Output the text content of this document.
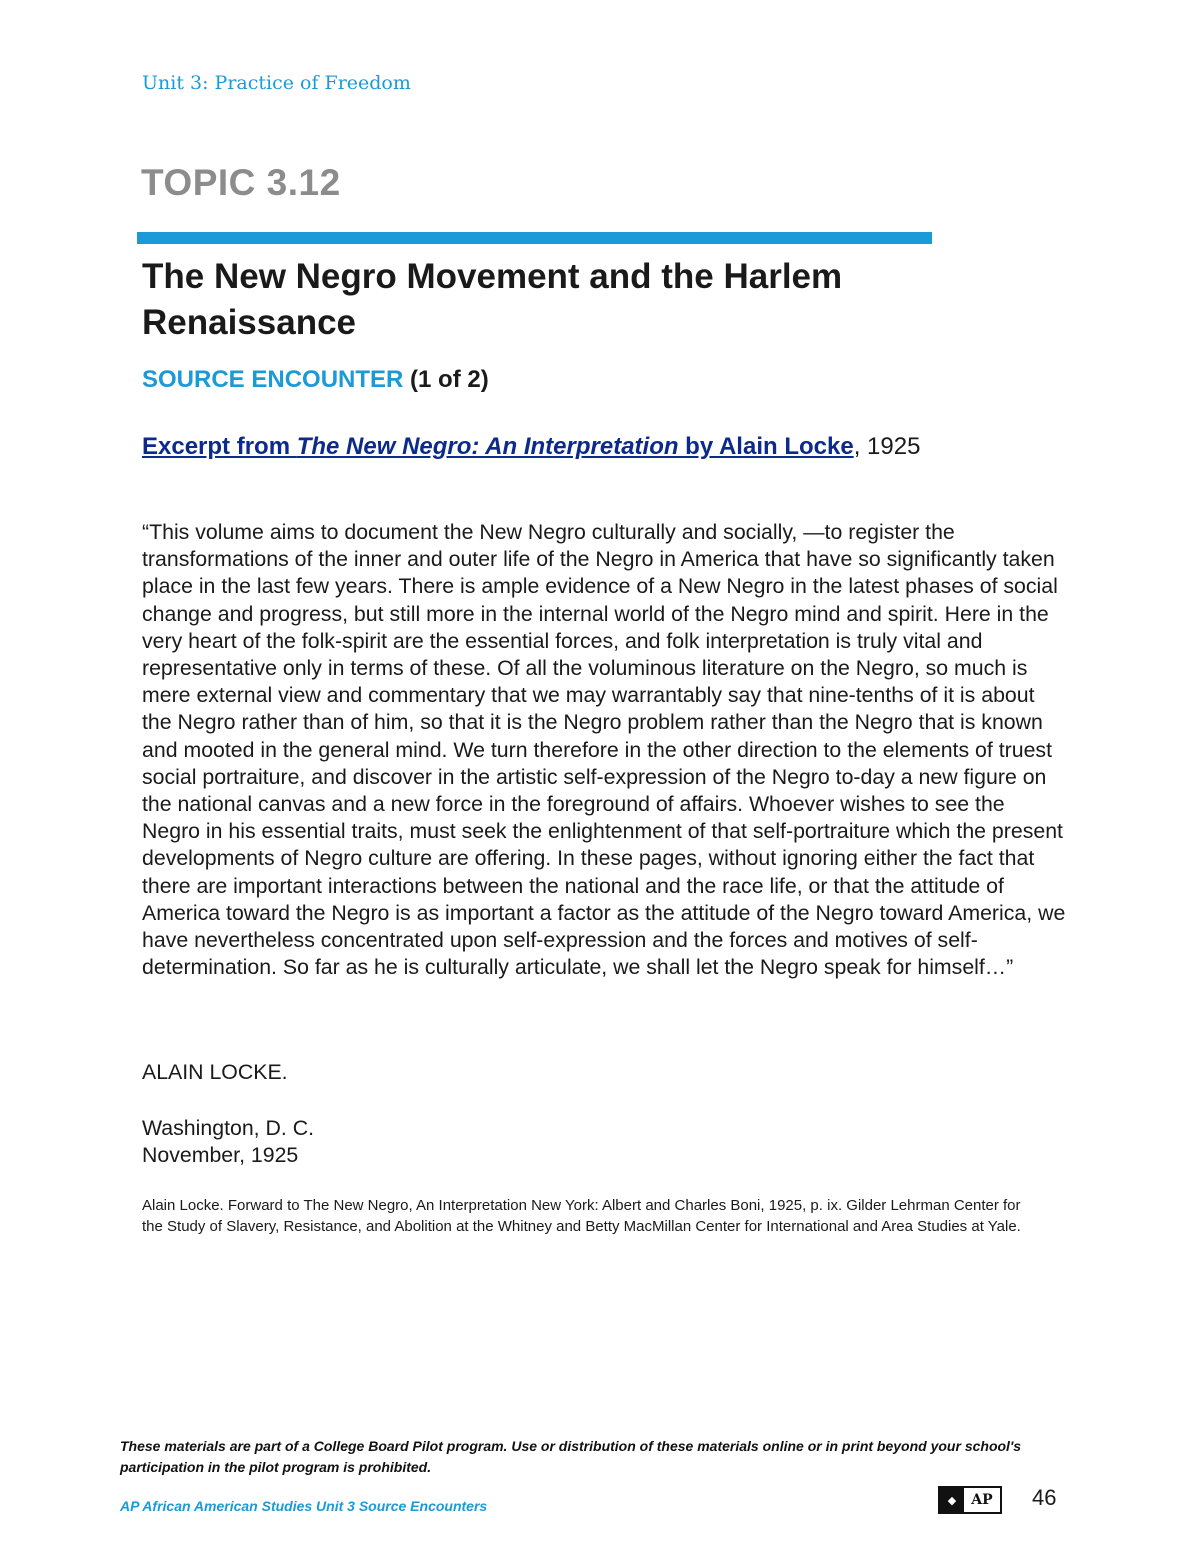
Unit 3: Practice of Freedom
TOPIC 3.12
The New Negro Movement and the Harlem Renaissance
SOURCE ENCOUNTER (1 of 2)
Excerpt from The New Negro: An Interpretation by Alain Locke, 1925

“This volume aims to document the New Negro culturally and socially, —to register the transformations of the inner and outer life of the Negro in America that have so significantly taken place in the last few years. There is ample evidence of a New Negro in the latest phases of social change and progress, but still more in the internal world of the Negro mind and spirit. Here in the very heart of the folk-spirit are the essential forces, and folk interpretation is truly vital and representative only in terms of these. Of all the voluminous literature on the Negro, so much is mere external view and commentary that we may warrantably say that nine-tenths of it is about the Negro rather than of him, so that it is the Negro problem rather than the Negro that is known and mooted in the general mind. We turn therefore in the other direction to the elements of truest social portraiture, and discover in the artistic self-expression of the Negro to-day a new figure on the national canvas and a new force in the foreground of affairs. Whoever wishes to see the Negro in his essential traits, must seek the enlightenment of that self-portraiture which the present developments of Negro culture are offering. In these pages, without ignoring either the fact that there are important interactions between the national and the race life, or that the attitude of America toward the Negro is as important a factor as the attitude of the Negro toward America, we have nevertheless concentrated upon self-expression and the forces and motives of self-determination. So far as he is culturally articulate, we shall let the Negro speak for himself…”

ALAIN LOCKE.
Washington, D. C.
November, 1925
Alain Locke. Forward to The New Negro, An Interpretation New York: Albert and Charles Boni, 1925, p. ix. Gilder Lehrman Center for the Study of Slavery, Resistance, and Abolition at the Whitney and Betty MacMillan Center for International and Area Studies at Yale.
These materials are part of a College Board Pilot program. Use or distribution of these materials online or in print beyond your school's participation in the pilot program is prohibited.
AP African American Studies Unit 3 Source Encounters	◆	AP	46
